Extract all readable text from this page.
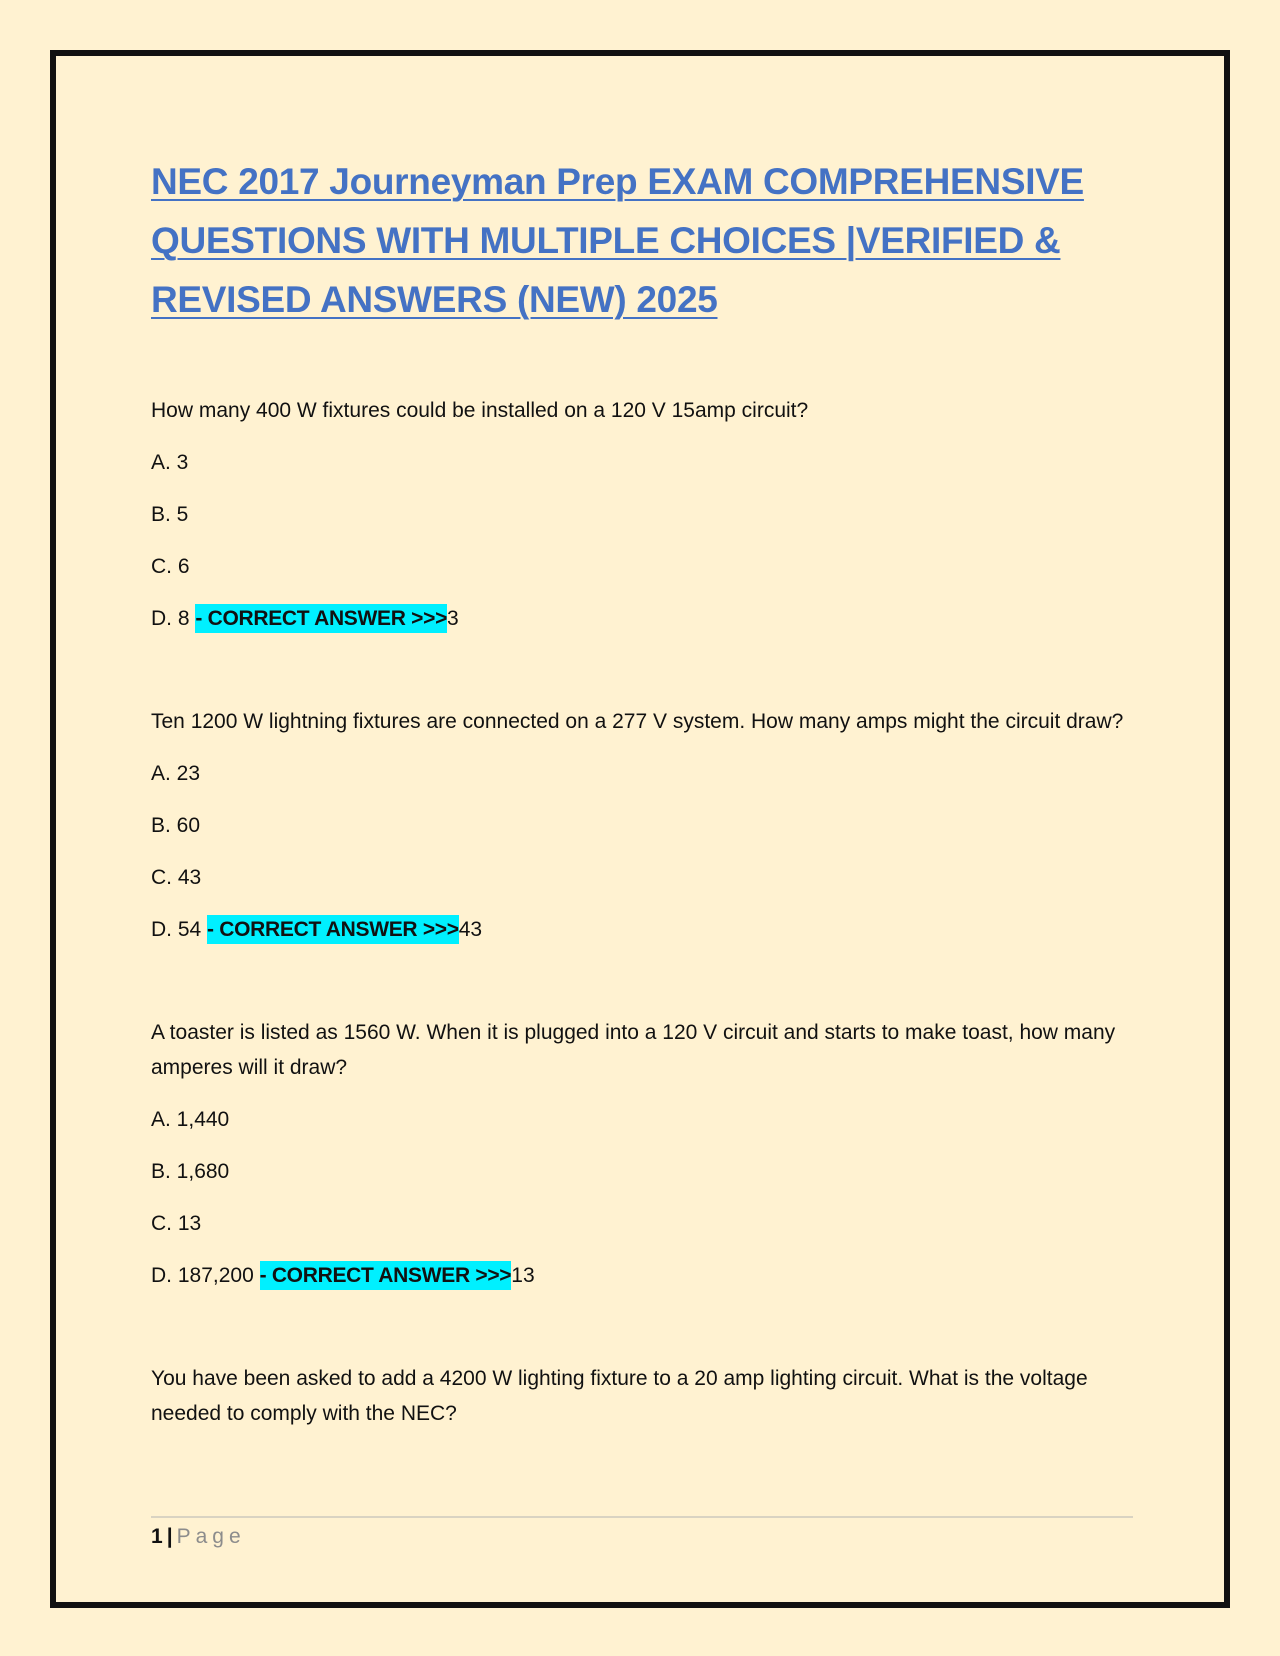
NEC 2017 Journeyman Prep EXAM COMPREHENSIVE QUESTIONS WITH MULTIPLE CHOICES |VERIFIED & REVISED ANSWERS (NEW) 2025

How many 400 W fixtures could be installed on a 120 V 15amp circuit?

A. 3

B. 5

C. 6

D. 8 - CORRECT ANSWER >>>3

Ten 1200 W lightning fixtures are connected on a 277 V system. How many amps might the circuit draw?

A. 23

B. 60

C. 43

D. 54 - CORRECT ANSWER >>>43

A toaster is listed as 1560 W. When it is plugged into a 120 V circuit and starts to make toast, how many amperes will it draw?

A. 1,440

B. 1,680

C. 13

D. 187,200 - CORRECT ANSWER >>>13

You have been asked to add a 4200 W lighting fixture to a 20 amp lighting circuit. What is the voltage needed to comply with the NEC?

1 | Page
